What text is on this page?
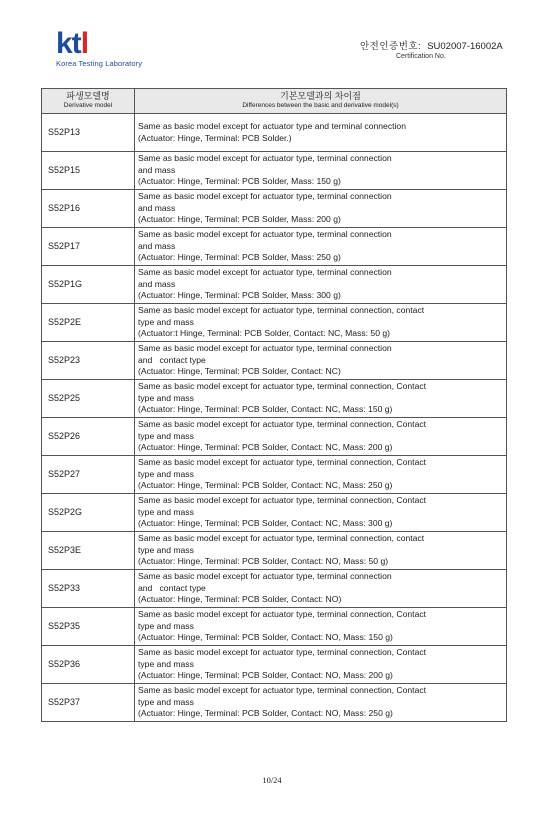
ktl
Korea Testing Laboratory
안전인증번호: SU02007-16002A
Certification No.
파생모델명
Derivative model	기본모델과의 차이점
Differences between the basic and derivative model(s)

S52P13	Same as basic model except for actuator type and terminal connection
(Actuator: Hinge, Terminal: PCB Solder.)

S52P15	Same as basic model except for actuator type, terminal connection
and mass
(Actuator: Hinge, Terminal: PCB Solder, Mass: 150 g)

S52P16	Same as basic model except for actuator type, terminal connection
and mass
(Actuator: Hinge, Terminal: PCB Solder, Mass: 200 g)

S52P17	Same as basic model except for actuator type, terminal connection
and mass
(Actuator: Hinge, Terminal: PCB Solder, Mass: 250 g)

S52P1G	Same as basic model except for actuator type, terminal connection
and mass
(Actuator: Hinge, Terminal: PCB Solder, Mass: 300 g)

S52P2E	Same as basic model except for actuator type, terminal connection, contact
type and mass
(Actuator:t Hinge, Terminal: PCB Solder, Contact: NC, Mass: 50 g)

S52P23	Same as basic model except for actuator type, terminal connection
and   contact type
(Actuator: Hinge, Terminal: PCB Solder, Contact: NC)

S52P25	Same as basic model except for actuator type, terminal connection, Contact
type and mass
(Actuator: Hinge, Terminal: PCB Solder, Contact: NC, Mass: 150 g)

S52P26	Same as basic model except for actuator type, terminal connection, Contact
type and mass
(Actuator: Hinge, Terminal: PCB Solder, Contact: NC, Mass: 200 g)

S52P27	Same as basic model except for actuator type, terminal connection, Contact
type and mass
(Actuator: Hinge, Terminal: PCB Solder, Contact: NC, Mass: 250 g)

S52P2G	Same as basic model except for actuator type, terminal connection, Contact
type and mass
(Actuator: Hinge, Terminal: PCB Solder, Contact: NC, Mass: 300 g)

S52P3E	Same as basic model except for actuator type, terminal connection, contact
type and mass
(Actuator: Hinge, Terminal: PCB Solder, Contact: NO, Mass: 50 g)

S52P33	Same as basic model except for actuator type, terminal connection
and   contact type
(Actuator: Hinge, Terminal: PCB Solder, Contact: NO)

S52P35	Same as basic model except for actuator type, terminal connection, Contact
type and mass
(Actuator: Hinge, Terminal: PCB Solder, Contact: NO, Mass: 150 g)

S52P36	Same as basic model except for actuator type, terminal connection, Contact
type and mass
(Actuator: Hinge, Terminal: PCB Solder, Contact: NO, Mass: 200 g)

S52P37	Same as basic model except for actuator type, terminal connection, Contact
type and mass
(Actuator: Hinge, Terminal: PCB Solder, Contact: NO, Mass: 250 g)
10/24
